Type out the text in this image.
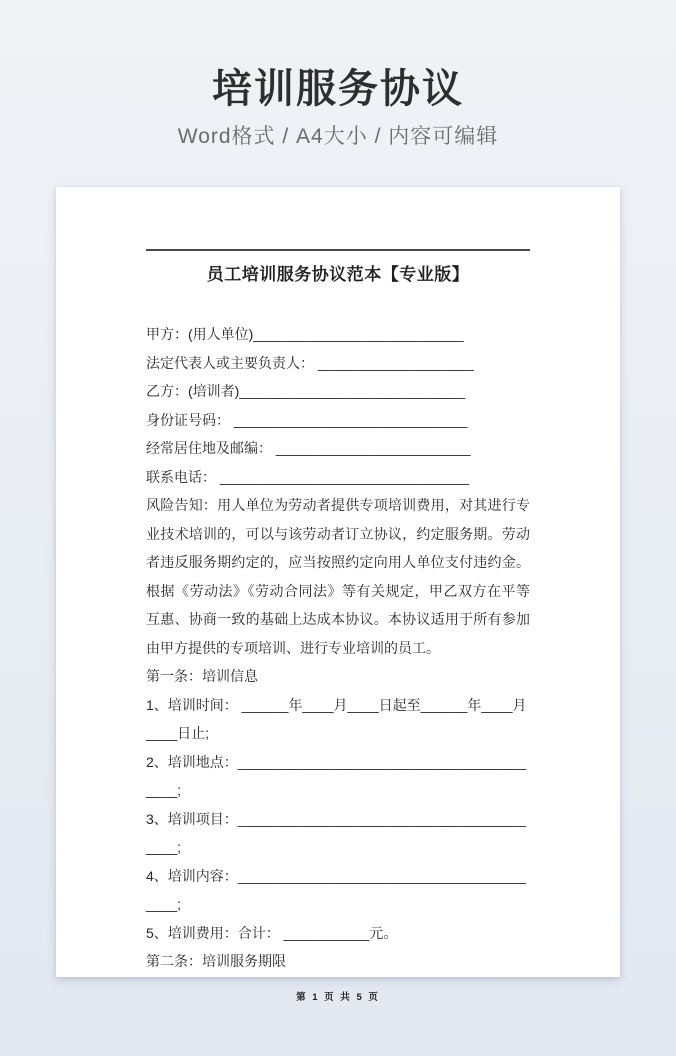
培训服务协议
Word格式 / A4大小 / 内容可编辑
员工培训服务协议范本【专业版】
甲方：(用人单位)___________________________
法定代表人或主要负责人： ____________________
乙方：(培训者)_____________________________
身份证号码： ______________________________
经常居住地及邮编： _________________________
联系电话： ________________________________
风险告知：用人单位为劳动者提供专项培训费用，对其进行专业技术培训的，可以与该劳动者订立协议，约定服务期。劳动者违反服务期约定的，应当按照约定向用人单位支付违约金。        根据《劳动法》《劳动合同法》等有关规定，甲乙双方在平等互惠、协商一致的基础上达成本协议。本协议适用于所有参加由甲方提供的专项培训、进行专业培训的员工。
第一条：培训信息
1、培训时间： ______年____月____日起至______年____月____日止;
2、培训地点：_________________________________________;
3、培训项目：_________________________________________;
4、培训内容：_________________________________________;
5、培训费用：合计： ___________元。
第二条：培训服务期限
第 1 页 共 5 页
